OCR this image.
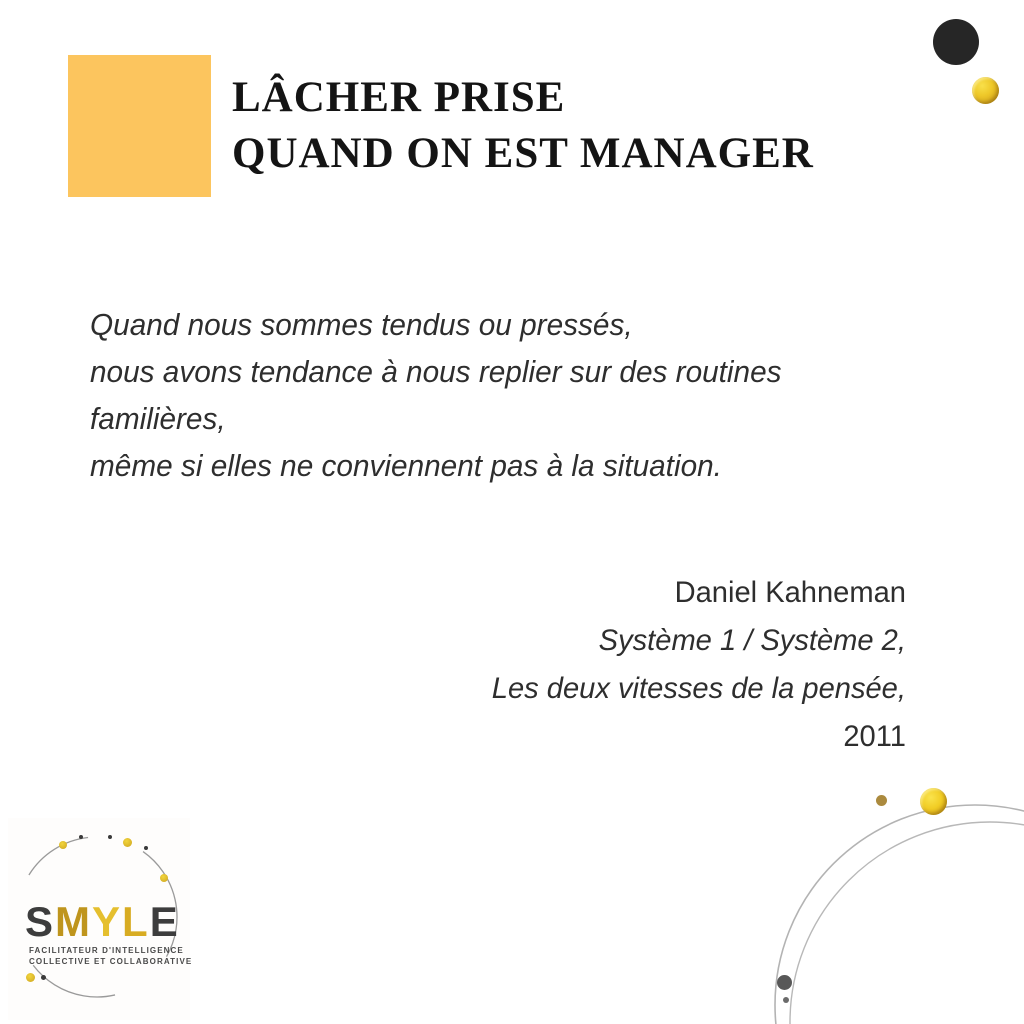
LÂCHER PRISE
QUAND ON EST MANAGER
Quand nous sommes tendus ou pressés,
nous avons tendance à nous replier sur des routines
familières,
même si elles ne conviennent pas à la situation.
Daniel Kahneman
Système 1 / Système 2,
Les deux vitesses de la pensée,
2011
SMYLE
FACILITATEUR D'INTELLIGENCE
COLLECTIVE ET COLLABORATIVE
